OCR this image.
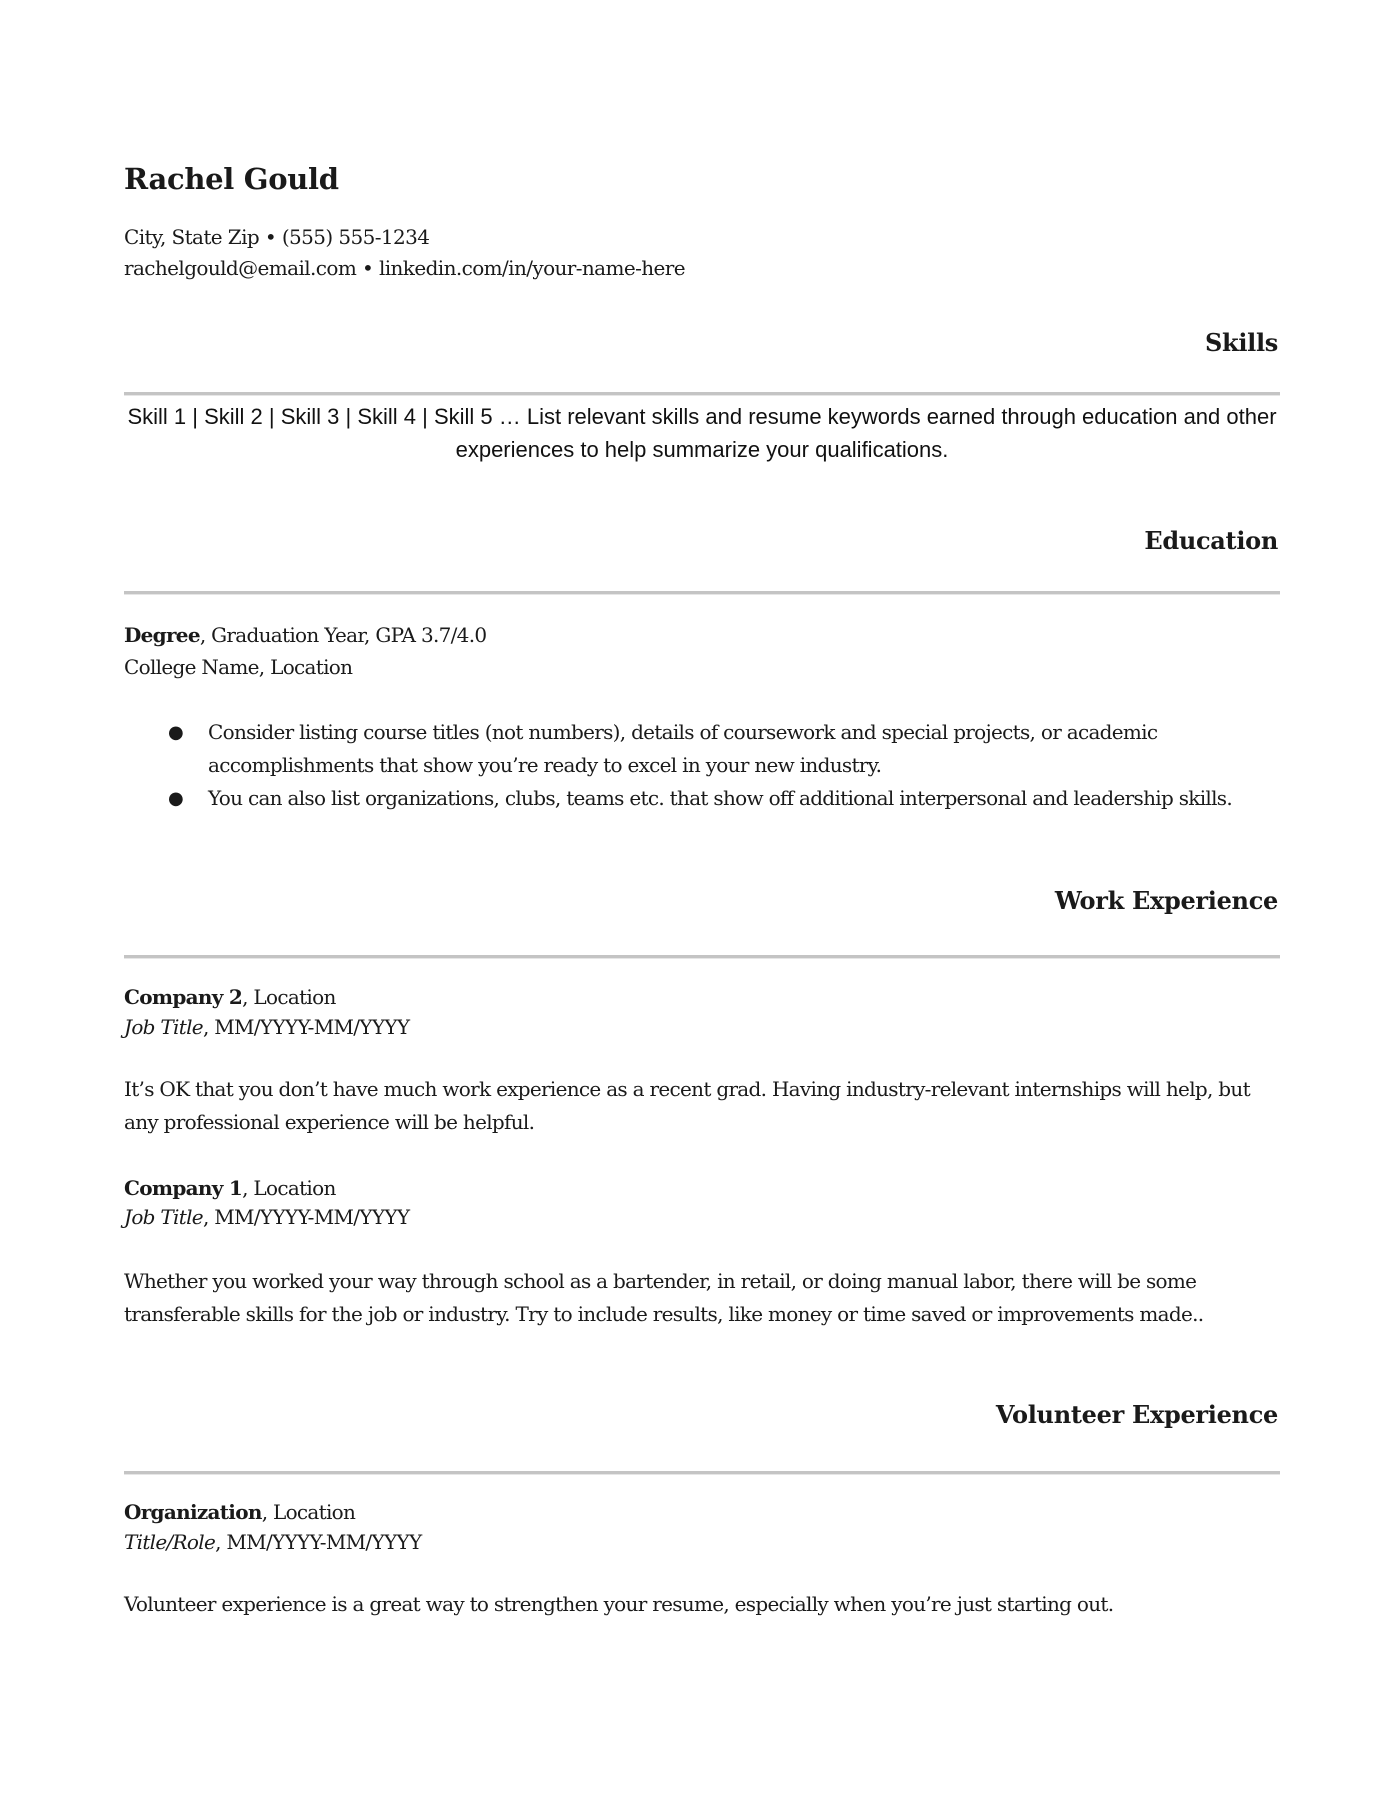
Rachel Gould
City, State Zip • (555) 555-1234
rachelgould@email.com • linkedin.com/in/your-name-here
Skills
Skill 1 | Skill 2 | Skill 3 | Skill 4 | Skill 5 … List relevant skills and resume keywords earned through education and other experiences to help summarize your qualifications.
Education
Degree, Graduation Year, GPA 3.7/4.0
College Name, Location
● Consider listing course titles (not numbers), details of coursework and special projects, or academic accomplishments that show you’re ready to excel in your new industry.
● You can also list organizations, clubs, teams etc. that show off additional interpersonal and leadership skills.
Work Experience
Company 2, Location
Job Title, MM/YYYY-MM/YYYY
It’s OK that you don’t have much work experience as a recent grad. Having industry-relevant internships will help, but any professional experience will be helpful.
Company 1, Location
Job Title, MM/YYYY-MM/YYYY
Whether you worked your way through school as a bartender, in retail, or doing manual labor, there will be some transferable skills for the job or industry. Try to include results, like money or time saved or improvements made..
Volunteer Experience
Organization, Location
Title/Role, MM/YYYY-MM/YYYY
Volunteer experience is a great way to strengthen your resume, especially when you’re just starting out.
